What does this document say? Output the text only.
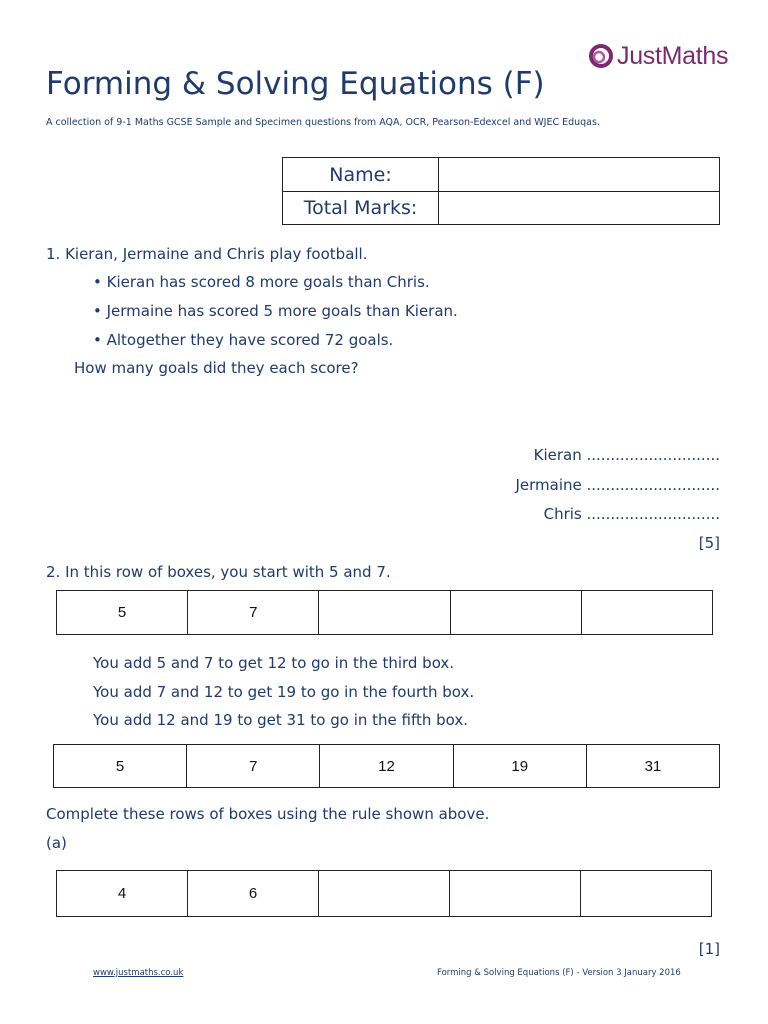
JustMaths
Forming & Solving Equations (F)
A collection of 9-1 Maths GCSE Sample and Specimen questions from AQA, OCR, Pearson-Edexcel and WJEC Eduqas.
Name:
Total Marks:
1. Kieran, Jermaine and Chris play football.
• Kieran has scored 8 more goals than Chris.
• Jermaine has scored 5 more goals than Kieran.
• Altogether they have scored 72 goals.
How many goals did they each score?
Kieran ............................
Jermaine ............................
Chris ............................
[5]
2. In this row of boxes, you start with 5 and 7.
5	7
You add 5 and 7 to get 12 to go in the third box.
You add 7 and 12 to get 19 to go in the fourth box.
You add 12 and 19 to get 31 to go in the fifth box.
5	7	12	19	31
Complete these rows of boxes using the rule shown above.
(a)
4	6
[1]
www.justmaths.co.uk	Forming & Solving Equations (F) - Version 3 January 2016
